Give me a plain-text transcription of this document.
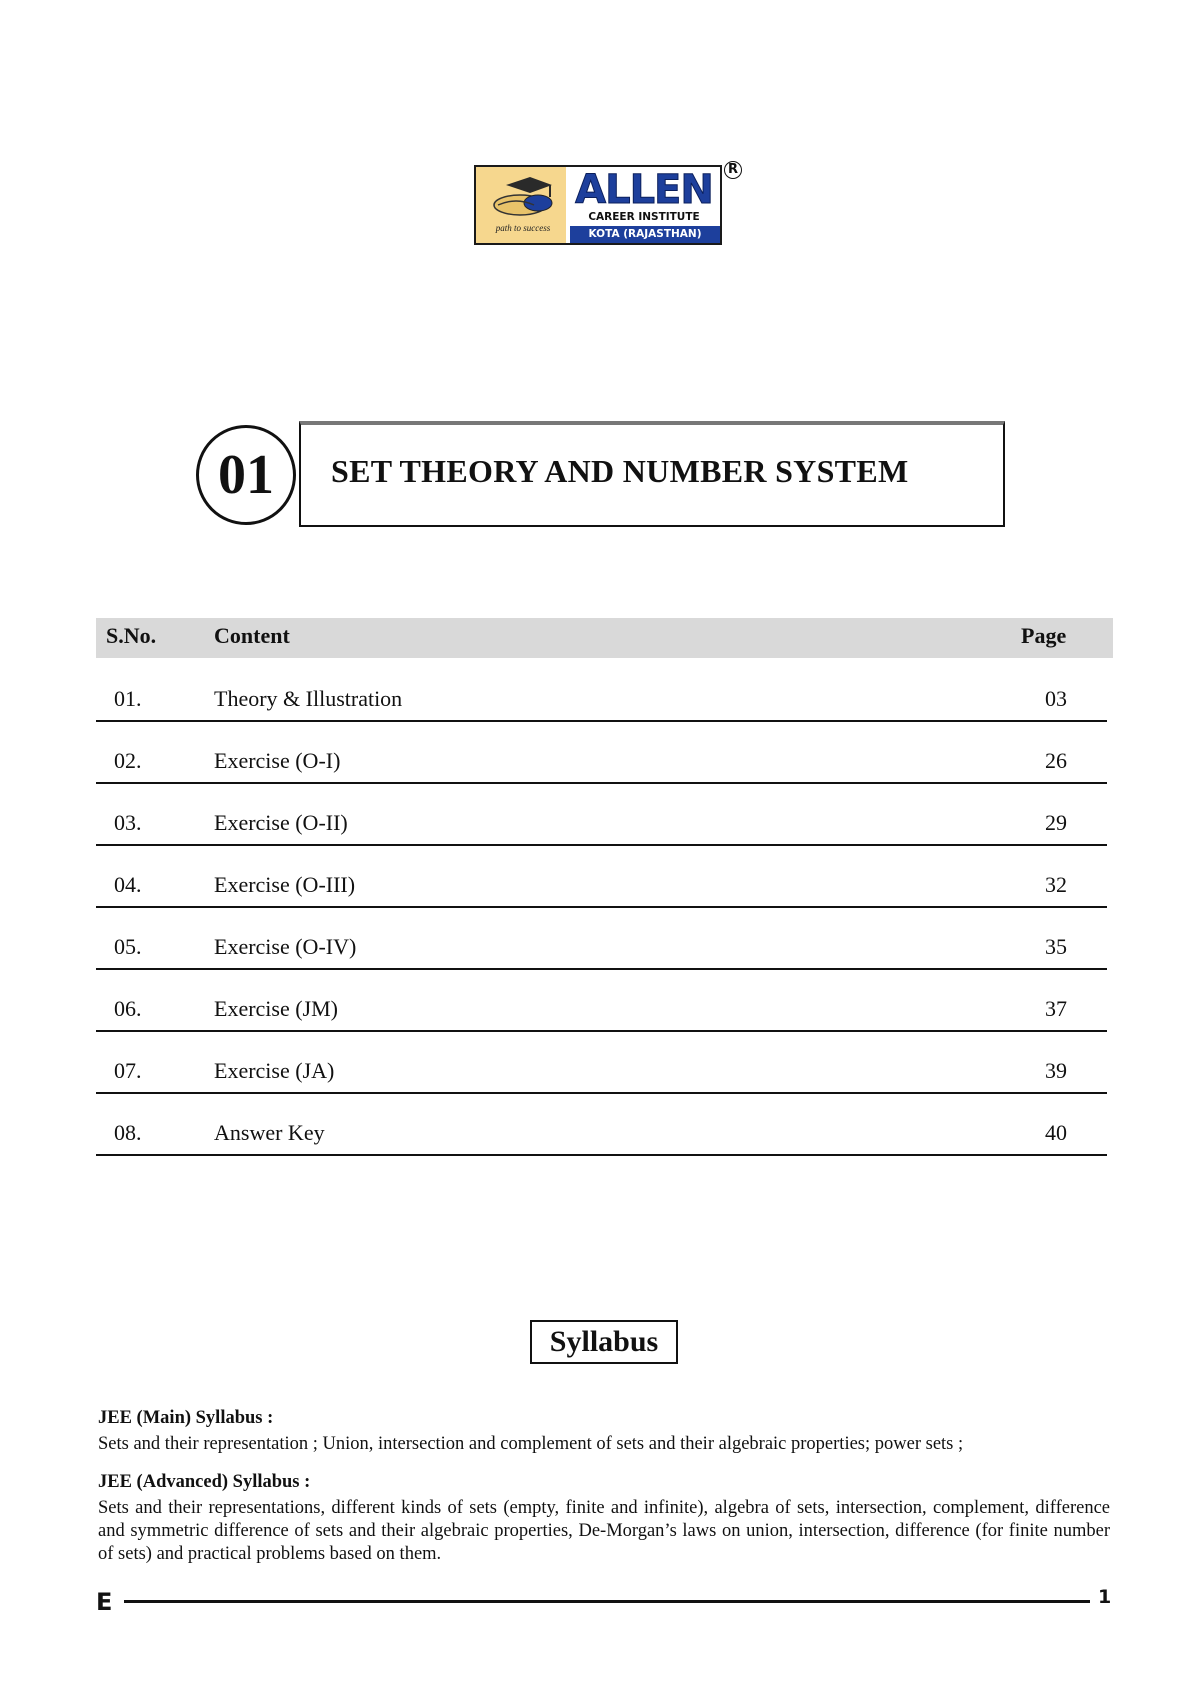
path to success
ALLEN
CAREER INSTITUTE
KOTA (RAJASTHAN)
R
SET THEORY AND NUMBER SYSTEM
01
S.No.	Content	Page
01.	Theory & Illustration	03
02.	Exercise (O-I)	26
03.	Exercise (O-II)	29
04.	Exercise (O-III)	32
05.	Exercise (O-IV)	35
06.	Exercise (JM)	37
07.	Exercise (JA)	39
08.	Answer Key	40
Syllabus
JEE (Main) Syllabus :
Sets and their representation ; Union, intersection and complement of sets and their algebraic properties; power sets ;
JEE (Advanced) Syllabus :
Sets and their representations, different kinds of sets (empty, finite and infinite), algebra of sets, intersection, complement, difference and symmetric difference of sets and their algebraic properties, De-Morgan’s laws on union, intersection, difference (for finite number of sets) and practical problems based on them.
E	1
